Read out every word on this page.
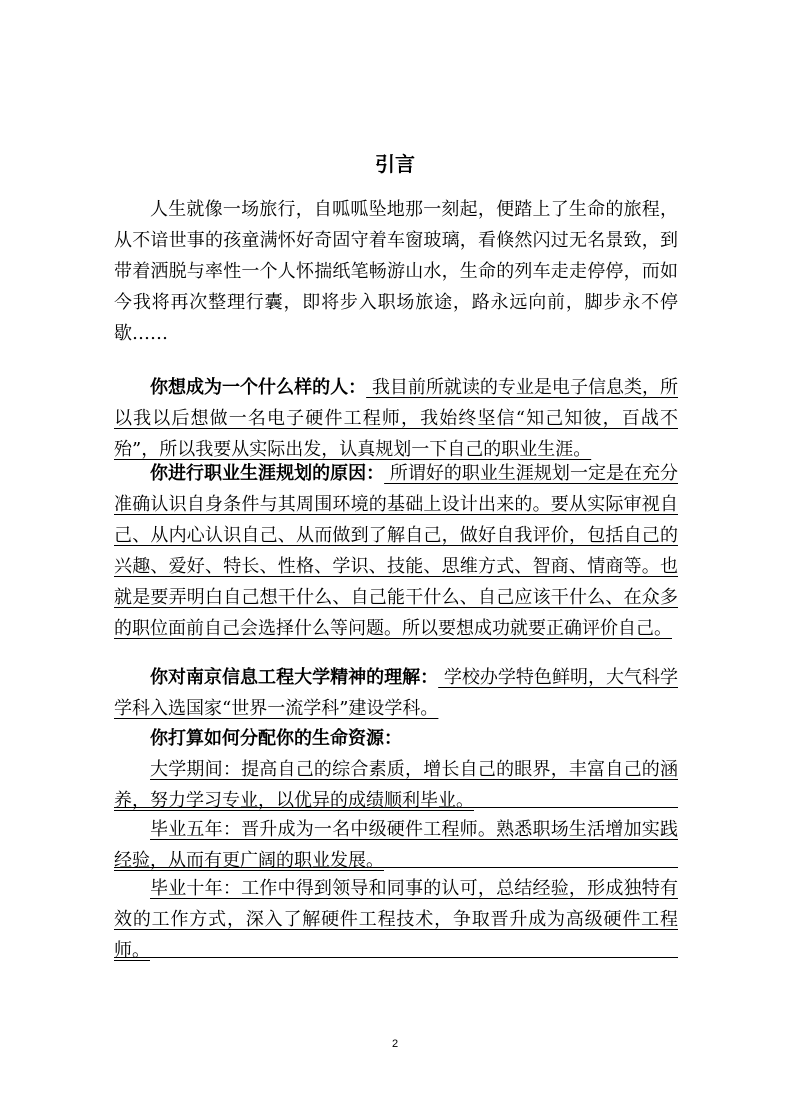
引言

人生就像一场旅行，自呱呱坠地那一刻起，便踏上了生命的旅程，从不谙世事的孩童满怀好奇固守着车窗玻璃，看倏然闪过无名景致，到带着洒脱与率性一个人怀揣纸笔畅游山水，生命的列车走走停停，而如今我将再次整理行囊，即将步入职场旅途，路永远向前，脚步永不停歇……

你想成为一个什么样的人： 我目前所就读的专业是电子信息类，所以我以后想做一名电子硬件工程师，我始终坚信“知己知彼，百战不殆”，所以我要从实际出发，认真规划一下自己的职业生涯。

你进行职业生涯规划的原因： 所谓好的职业生涯规划一定是在充分准确认识自身条件与其周围环境的基础上设计出来的。要从实际审视自己、从内心认识自己、从而做到了解自己，做好自我评价，包括自己的兴趣、爱好、特长、性格、学识、技能、思维方式、智商、情商等。也就是要弄明白自己想干什么、自己能干什么、自己应该干什么、在众多的职位面前自己会选择什么等问题。所以要想成功就要正确评价自己。

你对南京信息工程大学精神的理解： 学校办学特色鲜明，大气科学学科入选国家“世界一流学科”建设学科。

你打算如何分配你的生命资源：

大学期间：提高自己的综合素质，增长自己的眼界，丰富自己的涵养，努力学习专业，以优异的成绩顺利毕业。

毕业五年：晋升成为一名中级硬件工程师。熟悉职场生活增加实践经验，从而有更广阔的职业发展。

毕业十年：工作中得到领导和同事的认可，总结经验，形成独特有效的工作方式，深入了解硬件工程技术，争取晋升成为高级硬件工程师。

2
